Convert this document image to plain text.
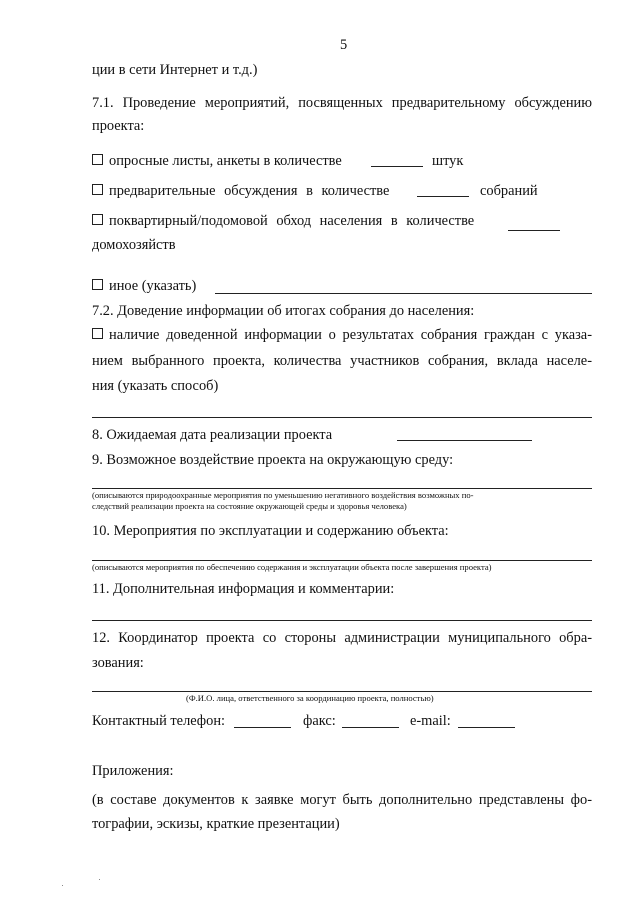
5
ции в сети Интернет и т.д.)
7.1. Проведение мероприятий, посвященных предварительному обсуждению
проекта:
опросные листы, анкеты в количестве	штук
предварительные обсуждения в количестве	собраний
поквартирный/подомовой обход населения в количестве
домохозяйств
иное (указать)
7.2. Доведение информации об итогах собрания до населения:
наличие доведенной информации о результатах собрания граждан с указа-
нием выбранного проекта, количества участников собрания, вклада населе-
ния (указать способ)
8. Ожидаемая дата реализации проекта
9. Возможное воздействие проекта на окружающую среду:
(описываются природоохранные мероприятия по уменьшению негативного воздействия возможных по-
следствий реализации проекта на состояние окружающей среды и здоровья человека)
10. Мероприятия по эксплуатации и содержанию объекта:
(описываются мероприятия по обеспечению содержания и эксплуатации объекта после завершения проекта)
11. Дополнительная информация и комментарии:
12. Координатор проекта со стороны администрации муниципального обра-
зования:
(Ф.И.О. лица, ответственного за координацию проекта, полностью)
Контактный телефон:	факс:	e-mail:
Приложения:
(в составе документов к заявке могут быть дополнительно представлены фо-
тографии, эскизы, краткие презентации)
